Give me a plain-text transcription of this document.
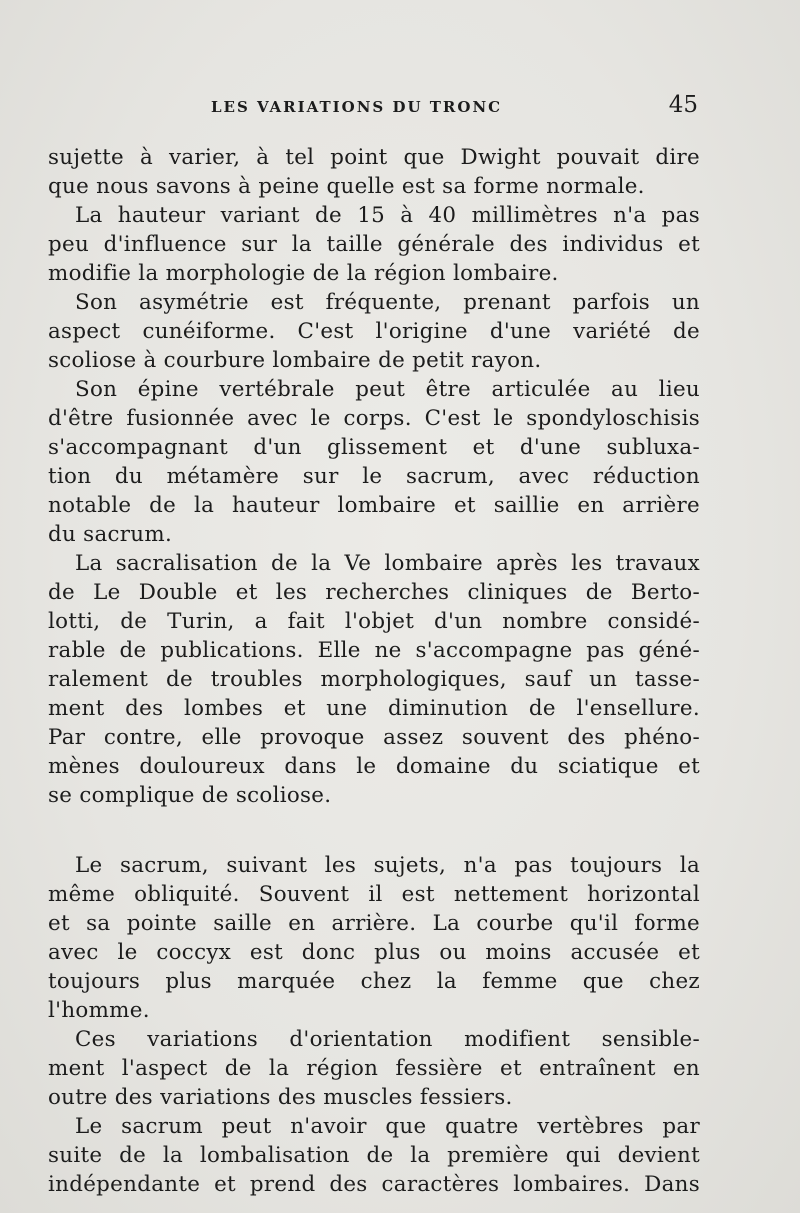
LES VARIATIONS DU TRONC	45
sujette à varier, à tel point que Dwight pouvait dire
que nous savons à peine quelle est sa forme normale.
La hauteur variant de 15 à 40 millimètres n'a pas
peu d'influence sur la taille générale des individus et
modifie la morphologie de la région lombaire.
Son asymétrie est fréquente, prenant parfois un
aspect cunéiforme. C'est l'origine d'une variété de
scoliose à courbure lombaire de petit rayon.
Son épine vertébrale peut être articulée au lieu
d'être fusionnée avec le corps. C'est le spondyloschisis
s'accompagnant d'un glissement et d'une subluxa-
tion du métamère sur le sacrum, avec réduction
notable de la hauteur lombaire et saillie en arrière
du sacrum.
La sacralisation de la Ve lombaire après les travaux
de Le Double et les recherches cliniques de Berto-
lotti, de Turin, a fait l'objet d'un nombre considé-
rable de publications. Elle ne s'accompagne pas géné-
ralement de troubles morphologiques, sauf un tasse-
ment des lombes et une diminution de l'ensellure.
Par contre, elle provoque assez souvent des phéno-
mènes douloureux dans le domaine du sciatique et
se complique de scoliose.
Le sacrum, suivant les sujets, n'a pas toujours la
même obliquité. Souvent il est nettement horizontal
et sa pointe saille en arrière. La courbe qu'il forme
avec le coccyx est donc plus ou moins accusée et
toujours plus marquée chez la femme que chez
l'homme.
Ces variations d'orientation modifient sensible-
ment l'aspect de la région fessière et entraînent en
outre des variations des muscles fessiers.
Le sacrum peut n'avoir que quatre vertèbres par
suite de la lombalisation de la première qui devient
indépendante et prend des caractères lombaires. Dans
